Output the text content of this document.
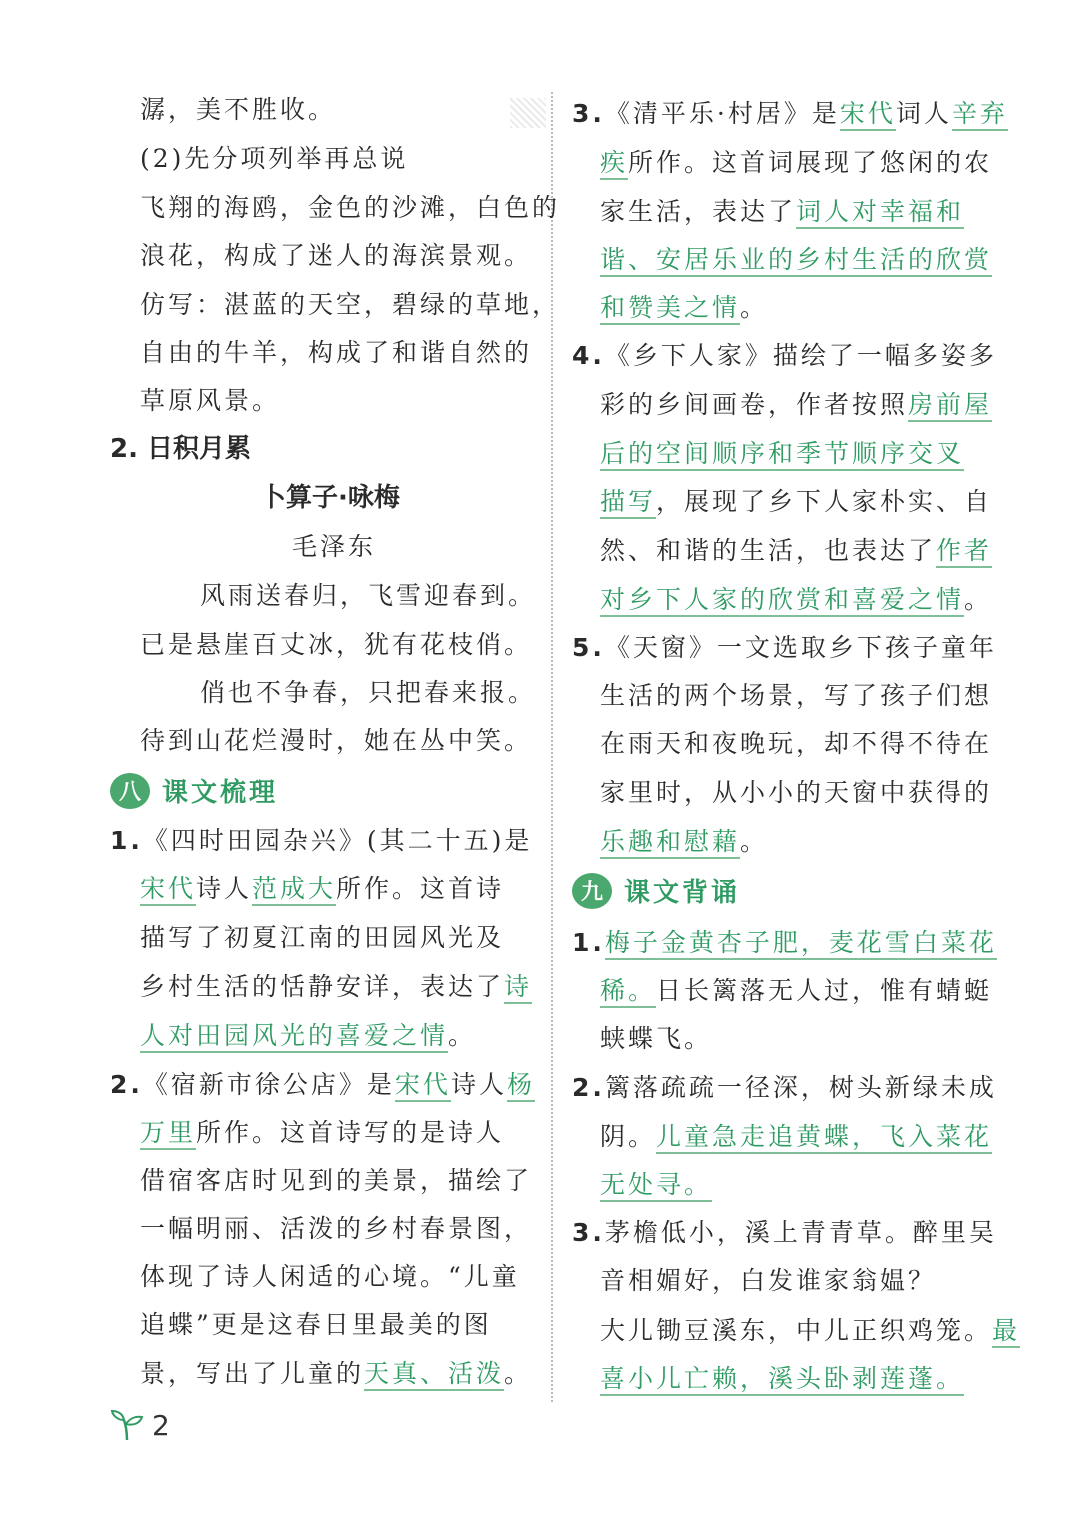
潺，美不胜收。
(2)先分项列举再总说
飞翔的海鸥，金色的沙滩，白色的
浪花，构成了迷人的海滨景观。
仿写：湛蓝的天空，碧绿的草地，
自由的牛羊，构成了和谐自然的
草原风景。
2. 日积月累
卜算子·咏梅
毛泽东
风雨送春归，飞雪迎春到。
已是悬崖百丈冰，犹有花枝俏。
俏也不争春，只把春来报。
待到山花烂漫时，她在丛中笑。
八 课文梳理
1.《四时田园杂兴》(其二十五)是
宋代诗人范成大所作。这首诗
描写了初夏江南的田园风光及
乡村生活的恬静安详，表达了诗
人对田园风光的喜爱之情。
2.《宿新市徐公店》是宋代诗人杨
万里所作。这首诗写的是诗人
借宿客店时见到的美景，描绘了
一幅明丽、活泼的乡村春景图，
体现了诗人闲适的心境。“儿童
追蝶”更是这春日里最美的图
景，写出了儿童的天真、活泼。
3.《清平乐·村居》是宋代词人辛弃
疾所作。这首词展现了悠闲的农
家生活，表达了词人对幸福和
谐、安居乐业的乡村生活的欣赏
和赞美之情。
4.《乡下人家》描绘了一幅多姿多
彩的乡间画卷，作者按照房前屋
后的空间顺序和季节顺序交叉
描写，展现了乡下人家朴实、自
然、和谐的生活，也表达了作者
对乡下人家的欣赏和喜爱之情。
5.《天窗》一文选取乡下孩子童年
生活的两个场景，写了孩子们想
在雨天和夜晚玩，却不得不待在
家里时，从小小的天窗中获得的
乐趣和慰藉。
九 课文背诵
1.梅子金黄杏子肥，麦花雪白菜花
稀。日长篱落无人过，惟有蜻蜓
蛱蝶飞。
2.篱落疏疏一径深，树头新绿未成
阴。儿童急走追黄蝶，飞入菜花
无处寻。
3.茅檐低小，溪上青青草。醉里吴
音相媚好，白发谁家翁媪？
大儿锄豆溪东，中儿正织鸡笼。最
喜小儿亡赖，溪头卧剥莲蓬。
2
